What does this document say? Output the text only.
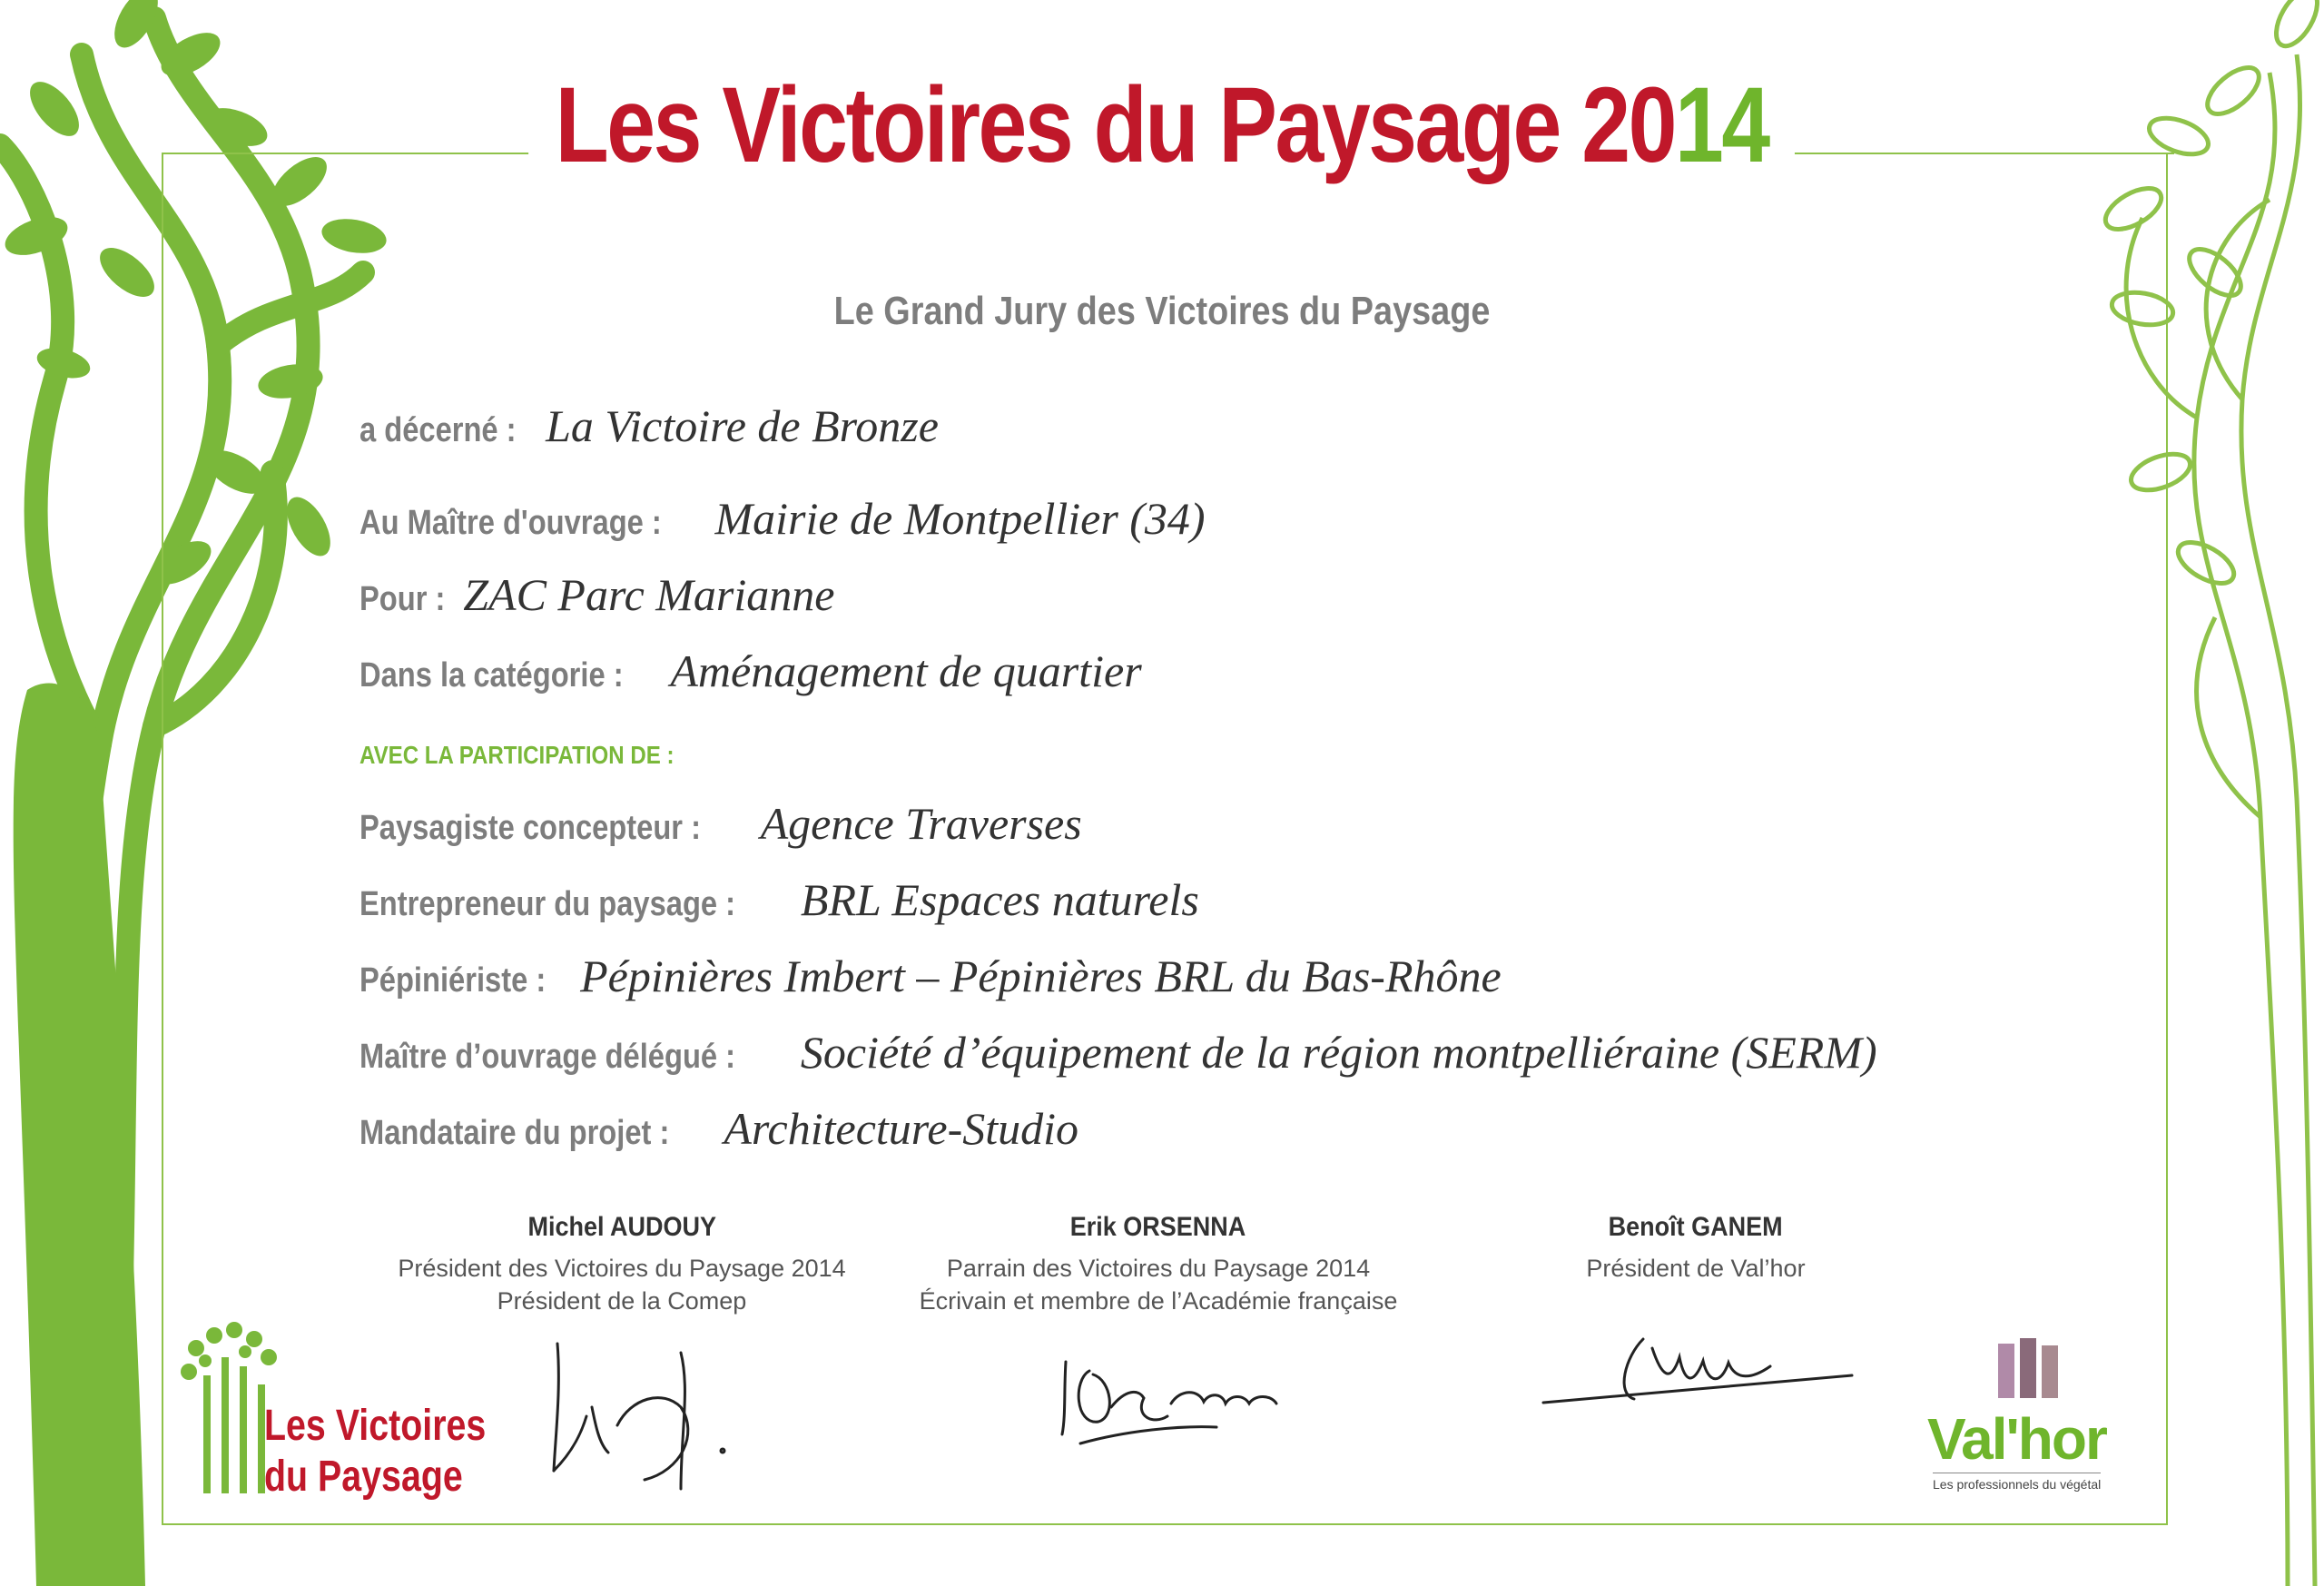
Les Victoires du Paysage 2014
Le Grand Jury des Victoires du Paysage
a décerné : La Victoire de Bronze
Au Maître d'ouvrage : Mairie de Montpellier (34)
Pour : ZAC Parc Marianne
Dans la catégorie : Aménagement de quartier
AVEC LA PARTICIPATION DE :
Paysagiste concepteur : Agence Traverses
Entrepreneur du paysage : BRL Espaces naturels
Pépiniériste : Pépinières Imbert – Pépinières BRL du Bas-Rhône
Maître d’ouvrage délégué : Société d’équipement de la région montpelliéraine (SERM)
Mandataire du projet : Architecture-Studio
Michel AUDOUY
Président des Victoires du Paysage 2014
Président de la Comep
Erik ORSENNA
Parrain des Victoires du Paysage 2014
Écrivain et membre de l’Académie française
Benoît GANEM
Président de Val’hor
Les Victoires
du Paysage
Val'hor
Les professionnels du végétal
